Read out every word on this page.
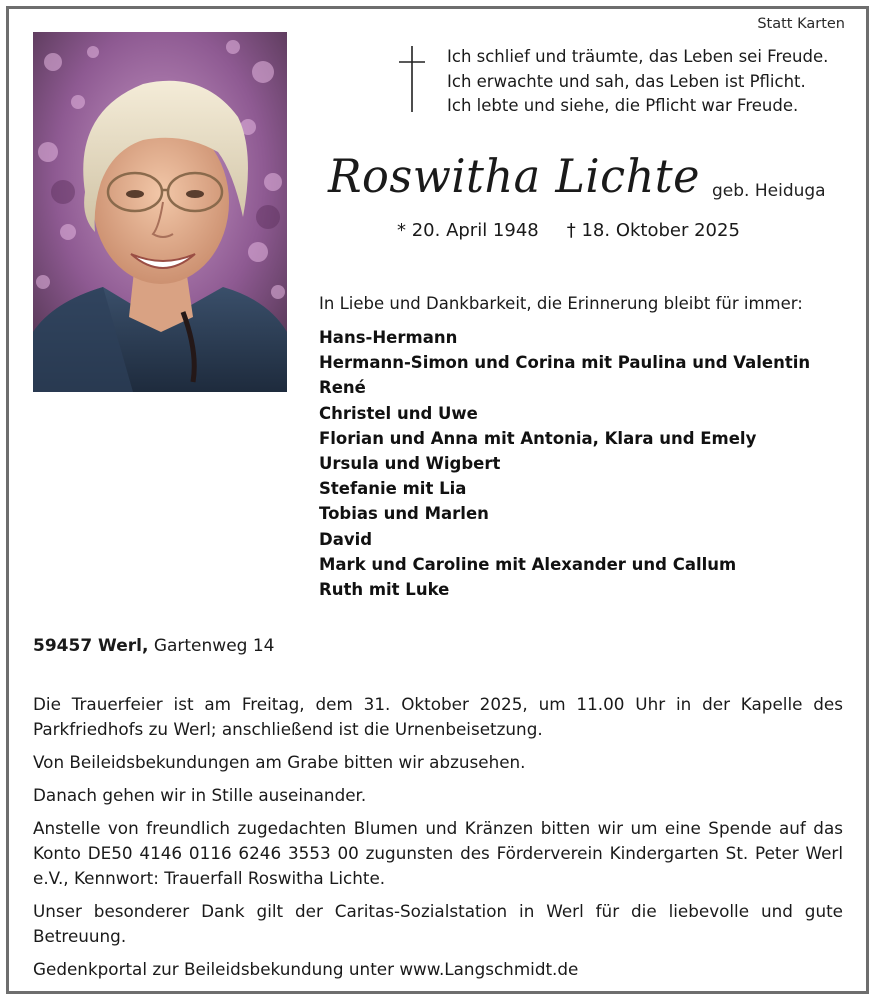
Statt Karten
Ich schlief und träumte, das Leben sei Freude.
Ich erwachte und sah, das Leben ist Pflicht.
Ich lebte und siehe, die Pflicht war Freude.
Roswitha Lichte geb. Heiduga
* 20. April 1948 † 18. Oktober 2025
In Liebe und Dankbarkeit, die Erinnerung bleibt für immer:
Hans-Hermann
Hermann-Simon und Corina mit Paulina und Valentin
René
Christel und Uwe
Florian und Anna mit Antonia, Klara und Emely
Ursula und Wigbert
Stefanie mit Lia
Tobias und Marlen
David
Mark und Caroline mit Alexander und Callum
Ruth mit Luke
59457 Werl, Gartenweg 14

Die Trauerfeier ist am Freitag, dem 31. Oktober 2025, um 11.00 Uhr in der Kapelle des Parkfriedhofs zu Werl; anschließend ist die Urnenbeisetzung.

Von Beileidsbekundungen am Grabe bitten wir abzusehen.

Danach gehen wir in Stille auseinander.

Anstelle von freundlich zugedachten Blumen und Kränzen bitten wir um eine Spende auf das Konto DE50 4146 0116 6246 3553 00 zugunsten des Förderverein Kindergarten St. Peter Werl e.V., Kennwort: Trauerfall Roswitha Lichte.

Unser besonderer Dank gilt der Caritas-Sozialstation in Werl für die liebevolle und gute Betreuung.

Gedenkportal zur Beileidsbekundung unter www.Langschmidt.de
